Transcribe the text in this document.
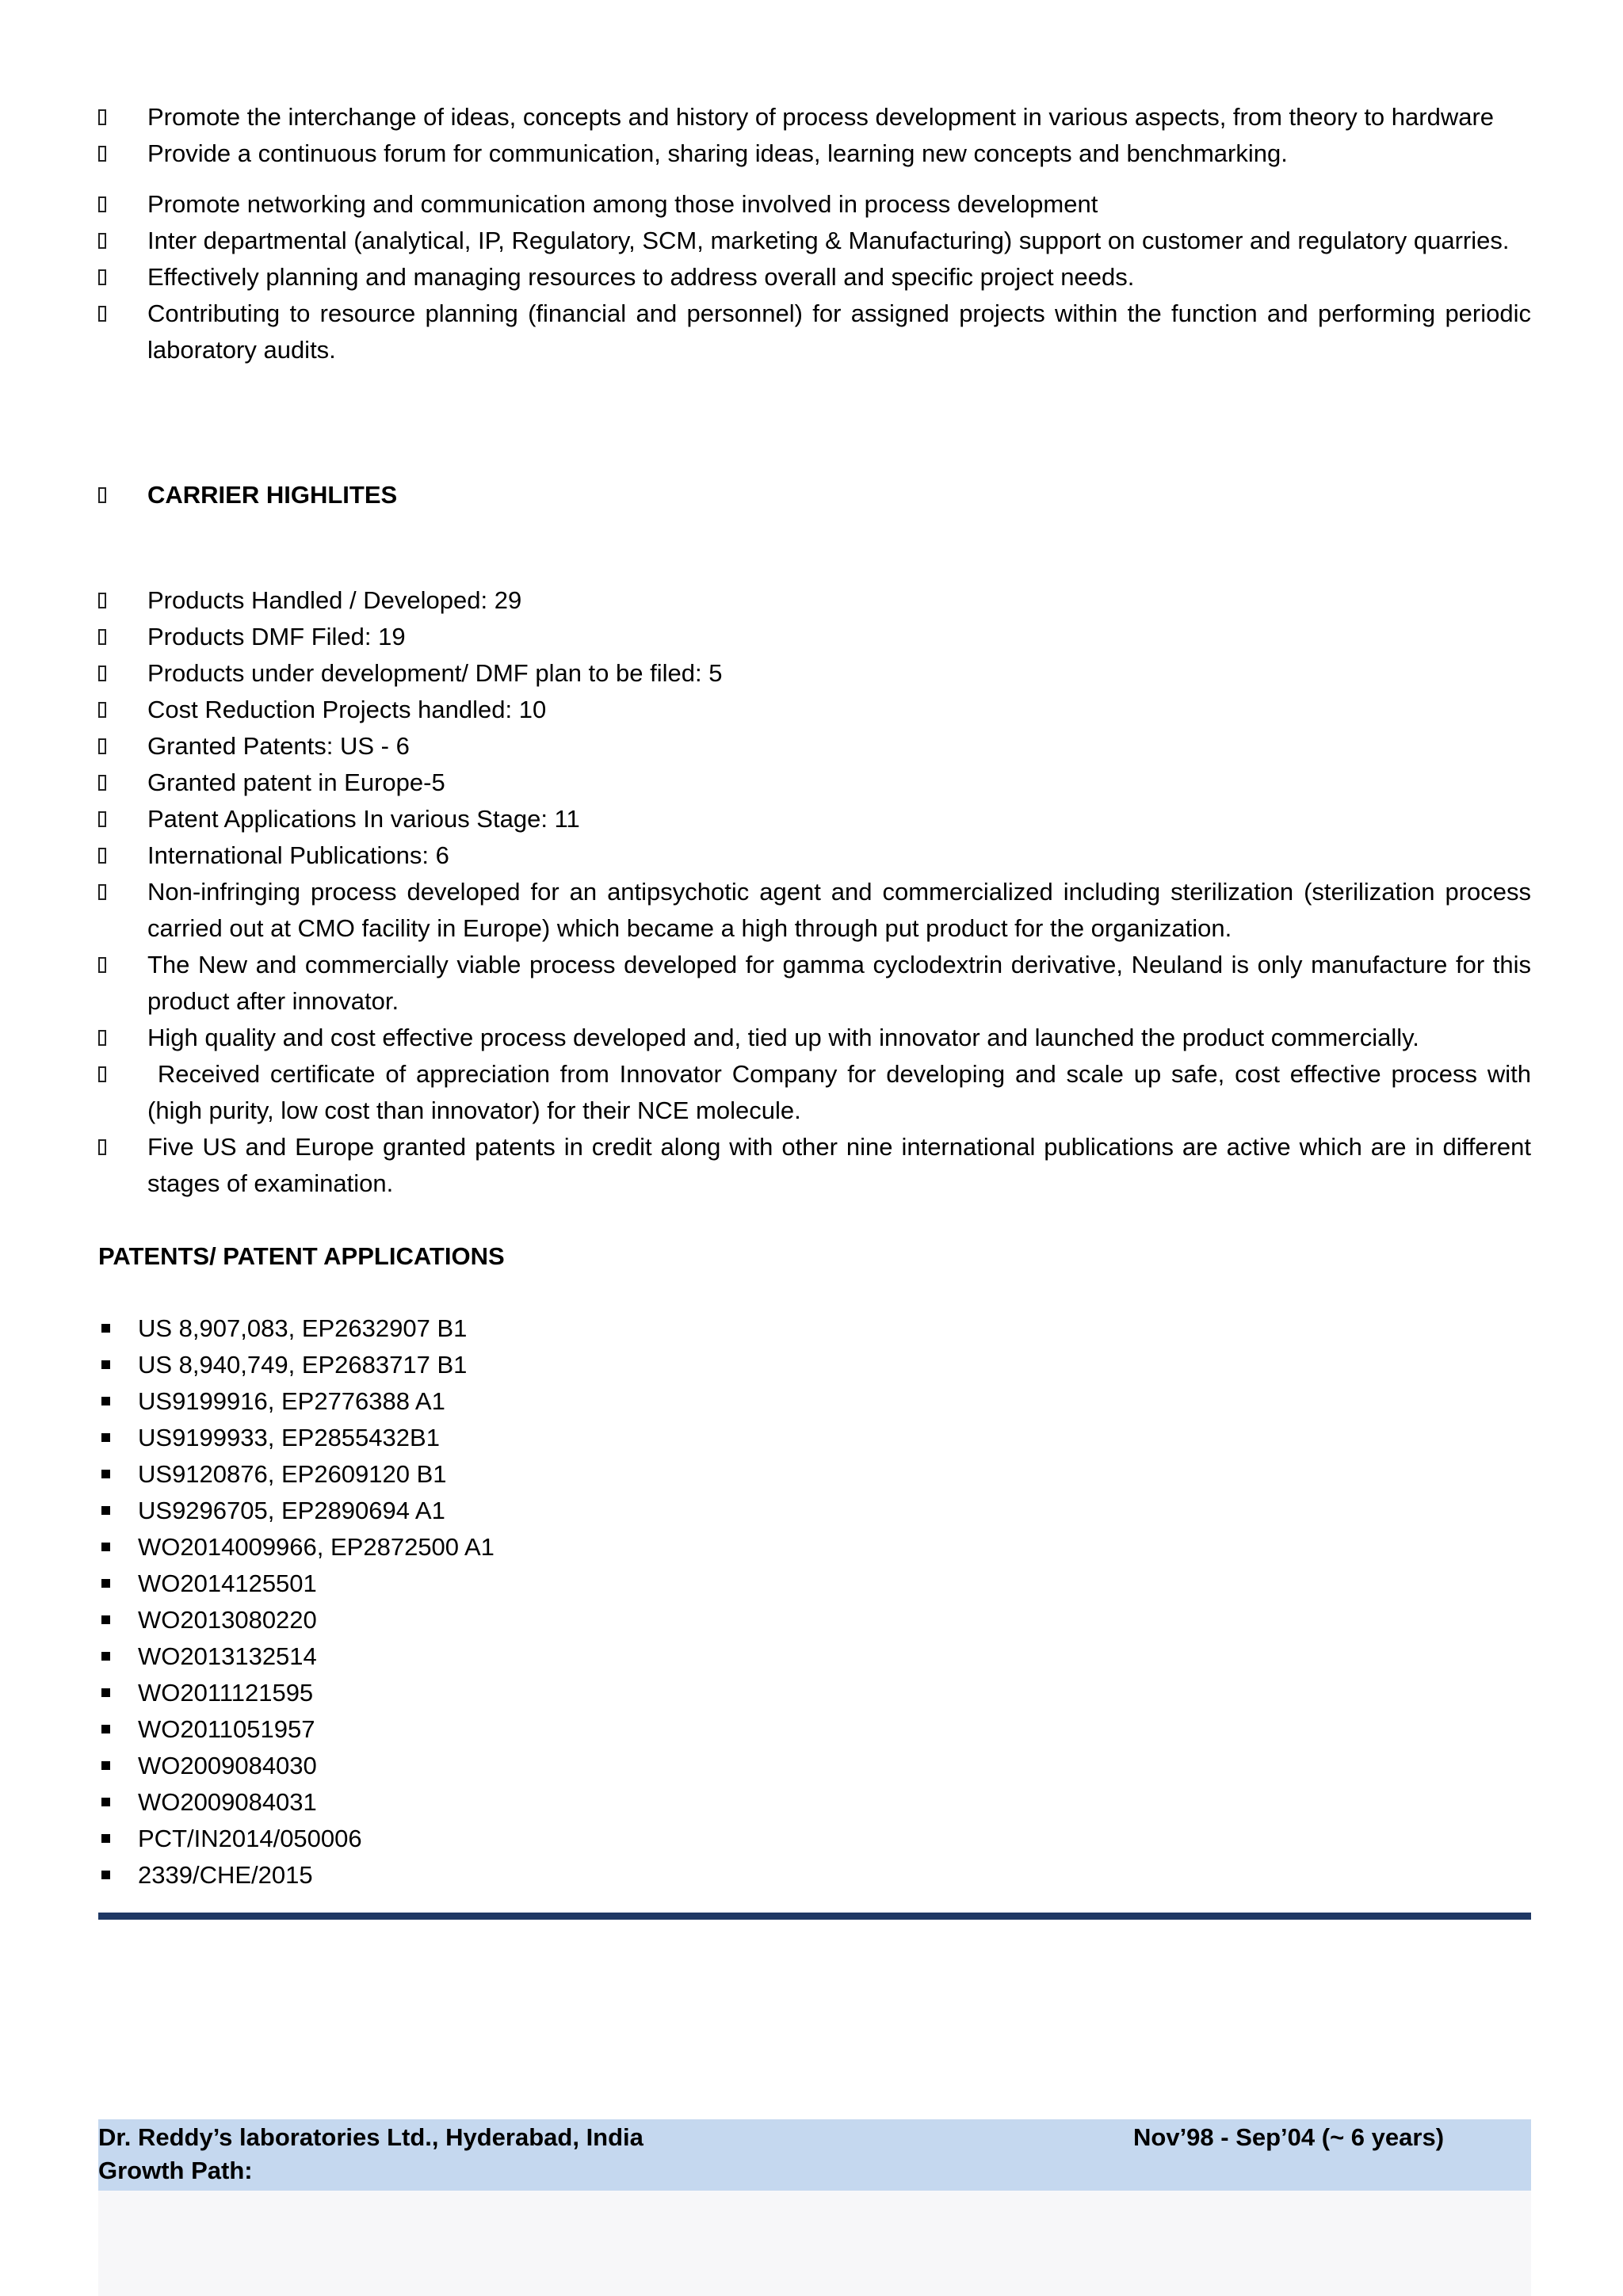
Promote the interchange of ideas, concepts and history of process development in various aspects, from theory to hardware
Provide a continuous forum for communication, sharing ideas, learning new concepts and benchmarking.
Promote networking and communication among those involved in process development
Inter departmental (analytical, IP, Regulatory, SCM, marketing & Manufacturing) support on customer and regulatory quarries.
Effectively planning and managing resources to address overall and specific project needs.
Contributing to resource planning (financial and personnel) for assigned projects within the function and performing periodic laboratory audits.
CARRIER HIGHLITES
Products Handled / Developed: 29
Products DMF Filed: 19
Products under development/ DMF plan to be filed: 5
Cost Reduction Projects handled: 10
Granted Patents: US - 6
Granted patent in Europe-5
Patent Applications In various Stage: 11
International Publications: 6
Non-infringing process developed for an antipsychotic agent and commercialized including sterilization (sterilization process carried out at CMO facility in Europe) which became a high through put product for the organization.
The New and commercially viable process developed for gamma cyclodextrin derivative, Neuland is only manufacture for this product after innovator.
High quality and cost effective process developed and, tied up with innovator and launched the product commercially.
Received certificate of appreciation from Innovator Company for developing and scale up safe, cost effective process with (high purity, low cost than innovator) for their NCE molecule.
Five US and Europe granted patents in credit along with other nine international publications are active which are in different stages of examination.
PATENTS/ PATENT APPLICATIONS
US 8,907,083, EP2632907 B1
US 8,940,749, EP2683717 B1
US9199916, EP2776388 A1
US9199933, EP2855432B1
US9120876, EP2609120 B1
US9296705, EP2890694 A1
WO2014009966, EP2872500 A1
WO2014125501
WO2013080220
WO2013132514
WO2011121595
WO2011051957
WO2009084030
WO2009084031
PCT/IN2014/050006
2339/CHE/2015
Dr. Reddy’s laboratories Ltd., Hyderabad, India	Nov’98 - Sep’04 (~ 6 years)
Growth Path:
